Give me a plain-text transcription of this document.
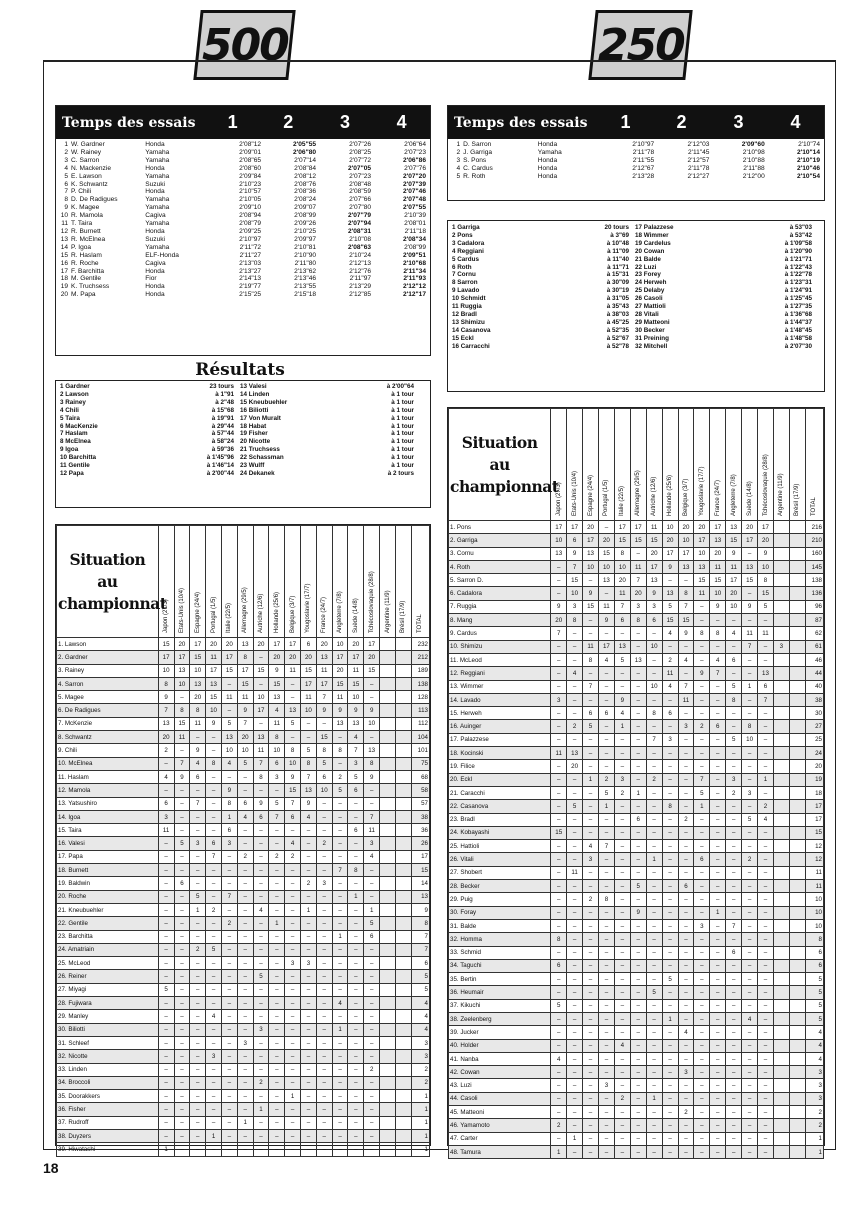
500	250
Temps des essais	1	2	3	4
1 W. Gardner	Honda	2'08"12	2'05"55	2'07"26	2'06"64
2 W. Rainey	Yamaha	2'09"01	2'06"80	2'08"25	2'07"23
3 C. Sarron	Yamaha	2'08"65	2'07"14	2'07"72	2'06"86
4 N. Mackenzie	Honda	2'08"60	2'08"84	2'07"05	2'07"76
5 E. Lawson	Yamaha	2'09"84	2'08"12	2'07"23	2'07"20
6 K. Schwantz	Suzuki	2'10"23	2'08"76	2'08"48	2'07"39
7 P. Chili	Honda	2'10"57	2'08"36	2'08"59	2'07"46
8 D. De Radigues	Yamaha	2'10"05	2'08"24	2'07"66	2'07"48
9 K. Magee	Yamaha	2'09"10	2'09"07	2'07"80	2'07"55
10 R. Mamola	Cagiva	2'08"94	2'08"99	2'07"79	2'10"39
11 T. Taira	Yamaha	2'08"79	2'09"26	2'07"94	2'08"01
12 R. Burnett	Honda	2'09"25	2'10"25	2'08"31	2'11"18
13 R. McElnea	Suzuki	2'10"97	2'09"97	2'10"08	2'08"34
14 P. Igoa	Yamaha	2'11"72	2'10"81	2'08"63	2'08"99
15 R. Haslam	ELF-Honda	2'11"27	2'10"90	2'10"24	2'09"51
16 R. Roche	Cagiva	2'13"03	2'11"80	2'12"13	2'10"68
17 F. Barchitta	Honda	2'13"27	2'13"62	2'12"76	2'11"34
18 M. Gentile	Fior	2'14"13	2'13"46	2'11"97	2'11"93
19 K. Truchsess	Honda	2'19"77	2'13"55	2'13"29	2'12"12
20 M. Papa	Honda	2'15"25	2'15"18	2'12"85	2'12"17
Résultats
1 Gardner	23 tours 13 Valesi	à 2'00"64
2 Lawson	à 1"91 14 Linden	à 1 tour
3 Rainey	à 2"48 15 Kneubuehler	à 1 tour
4 Chili	à 15"68 16 Biliotti	à 1 tour
5 Taira	à 19"91 17 Von Muralt	à 1 tour
6 MacKenzie	à 29"44 18 Habat	à 1 tour
7 Haslam	à 57"44 19 Fisher	à 1 tour
8 McElnea	à 58"24 20 Nicotte	à 1 tour
9 Igoa	à 59"36 21 Truchsess	à 1 tour
10 Barchitta	à 1'45"96 22 Schassman	à 1 tour
11 Gentile	à 1'46"14 23 Wulff	à 1 tour
12 Papa	à 2'00"44 24 Dekanek	à 2 tours
Situation
au
championnat	Japon (27/3)	Etats-Unis (10/4)	Espagne (24/4)	Portugal (1/5)	Italie (22/5)	Allemagne (29/5)	Autriche (12/6)	Hollande (25/6)	Belgique (3/7)	Yougoslavie (17/7)	France (24/7)	Angleterre (7/8)	Suède (14/8)	Tchécoslovaquie (28/8)	Argentine (11/9)	Brésil (17/9)	TOTAL

1. Lawson	15	20	17	20	20	13	20	17	17	6	20	10	20	17			232
2. Gardner	17	17	15	11	17	8	–	20	20	20	13	17	17	20			212
3. Rainey	10	13	10	17	15	17	15	9	11	15	11	20	11	15			189
4. Sarron	8	10	13	13	–	15	–	15	–	17	17	15	15	–			138
5. Magee	9	–	20	15	11	11	10	13	–	11	7	11	10	–			128
6. De Radigues	7	8	8	10	–	9	17	4	13	10	9	9	9	9			113
7. McKenzie	13	15	11	9	5	7	–	11	5	–	–	13	13	10			112
8. Schwantz	20	11	–	–	13	20	13	8	–	–	15	–	4	–			104
9. Chili	2	–	9	–	10	10	11	10	8	5	8	8	7	13			101
10. McElnea	–	7	4	8	4	5	7	6	10	8	5	–	3	8			75
11. Haslam	4	9	6	–	–	–	8	3	9	7	6	2	5	9			68
12. Mamola	–	–	–	–	9	–	–	–	15	13	10	5	6	–			58
13. Yatsushiro	6	–	7	–	8	6	9	5	7	9	–	–	–	–			57
14. Igoa	3	–	–	–	1	4	6	7	6	4	–	–	–	7			38
15. Taira	11	–	–	–	6	–	–	–	–	–	–	–	6	11			36
16. Valesi	–	5	3	6	3	–	–	–	4	–	2	–	–	3			26
17. Papa	–	–	–	7	–	2	–	2	2	–	–	–	–	4			17
18. Burnett	–	–	–	–	–	–	–	–	–	–	–	7	8	–			15
19. Baldwin	–	6	–	–	–	–	–	–	–	2	3	–	–	–			14
20. Roche	–	–	5	–	7	–	–	–	–	–	–	–	1	–			13
21. Kneubuehler	–	–	1	2	–	–	4	–	–	1	–	–	–	1			9
22. Gentile	–	–	–	–	2	–	–	1	–	–	–	–	–	5			8
23. Barchitta	–	–	–	–	–	–	–	–	–	–	–	1	–	6			7
24. Amatriain	–	–	2	5	–	–	–	–	–	–	–	–	–	–			7
25. McLeod	–	–	–	–	–	–	–	–	3	3	–	–	–	–			6
26. Reiner	–	–	–	–	–	–	5	–	–	–	–	–	–	–			5
27. Miyagi	5	–	–	–	–	–	–	–	–	–	–	–	–	–			5
28. Fujiwara	–	–	–	–	–	–	–	–	–	–	–	4	–	–			4
29. Manley	–	–	–	4	–	–	–	–	–	–	–	–	–	–			4
30. Biliotti	–	–	–	–	–	–	3	–	–	–	–	1	–	–			4
31. Schleef	–	–	–	–	–	3	–	–	–	–	–	–	–	–			3
32. Nicotte	–	–	–	3	–	–	–	–	–	–	–	–	–	–			3
33. Linden	–	–	–	–	–	–	–	–	–	–	–	–	–	2			2
34. Broccoli	–	–	–	–	–	–	2	–	–	–	–	–	–	–			2
35. Doorakkers	–	–	–	–	–	–	–	–	1	–	–	–	–	–			1
36. Fisher	–	–	–	–	–	–	1	–	–	–	–	–	–	–			1
37. Rudroff	–	–	–	–	–	1	–	–	–	–	–	–	–	–			1
38. Duyzers	–	–	–	1	–	–	–	–	–	–	–	–	–	–			1
39. Hiwatashi	1	–	–	–	–	–	–	–	–	–	–	–	–	–			1
Temps des essais	1	2	3	4
1 D. Sarron	Honda	2'10"97	2'12"03	2'09"60	2'10"74
2 J. Garriga	Yamaha	2'11"78	2'11"45	2'10"98	2'10"14
3 S. Pons	Honda	2'11"55	2'12"57	2'10"88	2'10"19
4 C. Cardus	Honda	2'12"67	2'11"78	2'11"88	2'10"46
5 R. Roth	Honda	2'13"28	2'12"27	2'12"00	2'10"54
1 Garriga	20 tours 17 Palazzese	à 53"03
2 Pons	à 3"69 18 Wimmer	à 53"42
3 Cadalora	à 10"48 19 Cardelus	à 1'09"58
4 Reggiani	à 11"09 20 Cowan	à 1'20"90
5 Cardus	à 11"40 21 Balde	à 1'21"71
6 Roth	à 11"71 22 Luzi	à 1'22"43
7 Cornu	à 15"31 23 Forey	à 1'22"78
8 Sarron	à 30"09 24 Herweh	à 1'23"31
9 Lavado	à 30"19 25 Delaby	à 1'24"91
10 Schmidt	à 31"05 26 Casoli	à 1'25"45
11 Ruggia	à 35"43 27 Mattioli	à 1'27"35
12 Bradl	à 38"03 28 Vitali	à 1'36"68
13 Shimizu	à 45"25 29 Matteoni	à 1'44"37
14 Casanova	à 52"35 30 Becker	à 1'48"45
15 Eckl	à 52"67 31 Preining	à 1'48"58
16 Carracchi	à 52"78 32 Mitchell	à 2'07"30
Situation
au
championnat	Japon (27/3)	Etats-Unis (10/4)	Espagne (24/4)	Portugal (1/5)	Italie (22/5)	Allemagne (29/5)	Autriche (12/6)	Hollande (25/6)	Belgique (3/7)	Yougoslavie (17/7)	France (24/7)	Angleterre (7/8)	Suède (14/8)	Tchécoslovaquie (28/8)	Argentine (11/9)	Brésil (17/9)	TOTAL

1. Pons	17	17	20	–	17	17	11	10	20	20	17	13	20	17			216
2. Garriga	10	6	17	20	15	15	15	20	10	17	13	15	17	20			210
3. Cornu	13	9	13	15	8	–	20	17	17	10	20	9	–	9			160
4. Roth	–	7	10	10	10	11	17	9	13	13	11	11	13	10			145
5. Sarron D.	–	15	–	13	20	7	13	–	–	15	15	17	15	8			138
6. Cadalora	–	10	9	–	11	20	9	13	8	11	10	20	–	15			136
7. Ruggia	9	3	15	11	7	3	3	5	7	–	9	10	9	5			96
8. Mang	20	8	–	9	6	8	6	15	15	–	–	–	–	–			87
9. Cardus	7	–	–	–	–	–	–	4	9	8	8	4	11	11			62
10. Shimizu	–	–	11	17	13	–	10	–	–	–	–	–	7	–	3		61
11. McLeod	–	–	8	4	5	13	–	2	4	–	4	6	–	–			46
12. Reggiani	–	4	–	–	–	–	–	11	–	9	7	–	–	13			44
13. Wimmer	–	–	7	–	–	–	10	4	7	–	–	5	1	6			40
14. Lavado	3	–	–	–	9	–	–	–	11	–	–	8	–	7			38
15. Herweh	–	–	6	6	4	–	8	6	–	–	–	–	–	–			30
16. Auinger	–	2	5	–	1	–	–	–	3	2	6	–	8	–			27
17. Palazzese	–	–	–	–	–	–	7	3	–	–	–	5	10	–			25
18. Kocinski	11	13	–	–	–	–	–	–	–	–	–	–	–	–			24
19. Filice	–	20	–	–	–	–	–	–	–	–	–	–	–	–			20
20. Eckl	–	–	1	2	3	–	2	–	–	7	–	3	–	1			19
21. Caracchi	–	–	–	5	2	1	–	–	–	5	–	2	3	–			18
22. Casanova	–	5	–	1	–	–	–	8	–	1	–	–	–	2			17
23. Bradl	–	–	–	–	–	6	–	–	2	–	–	–	5	4			17
24. Kobayashi	15	–	–	–	–	–	–	–	–	–	–	–	–	–			15
25. Hattioli	–	–	4	7	–	–	–	–	–	–	–	–	–	–			12
26. Vitali	–	–	3	–	–	–	1	–	–	6	–	–	2	–			12
27. Shobert	–	11	–	–	–	–	–	–	–	–	–	–	–	–			11
28. Becker	–	–	–	–	–	5	–	–	6	–	–	–	–	–			11
29. Puig	–	–	2	8	–	–	–	–	–	–	–	–	–	–			10
30. Foray	–	–	–	–	–	9	–	–	–	–	1	–	–	–			10
31. Balde	–	–	–	–	–	–	–	–	–	3	–	7	–	–			10
32. Homma	8	–	–	–	–	–	–	–	–	–	–	–	–	–			8
33. Schmid	–	–	–	–	–	–	–	–	–	–	–	6	–	–			6
34. Taguchi	6	–	–	–	–	–	–	–	–	–	–	–	–	–			6
35. Bertin	–	–	–	–	–	–	–	5	–	–	–	–	–	–			5
36. Heumair	–	–	–	–	–	–	5	–	–	–	–	–	–	–			5
37. Kikuchi	5	–	–	–	–	–	–	–	–	–	–	–	–	–			5
38. Zeelenberg	–	–	–	–	–	–	–	1	–	–	–	–	4	–			5
39. Jucker	–	–	–	–	–	–	–	–	4	–	–	–	–	–			4
40. Holder	–	–	–	–	4	–	–	–	–	–	–	–	–	–			4
41. Nanba	4	–	–	–	–	–	–	–	–	–	–	–	–	–			4
42. Cowan	–	–	–	–	–	–	–	–	3	–	–	–	–	–			3
43. Luzi	–	–	–	3	–	–	–	–	–	–	–	–	–	–			3
44. Casoli	–	–	–	–	2	–	1	–	–	–	–	–	–	–			3
45. Matteoni	–	–	–	–	–	–	–	–	2	–	–	–	–	–			2
46. Yamamoto	2	–	–	–	–	–	–	–	–	–	–	–	–	–			2
47. Carter	–	1	–	–	–	–	–	–	–	–	–	–	–	–			1
48. Tamura	1	–	–	–	–	–	–	–	–	–	–	–	–	–			1
18
